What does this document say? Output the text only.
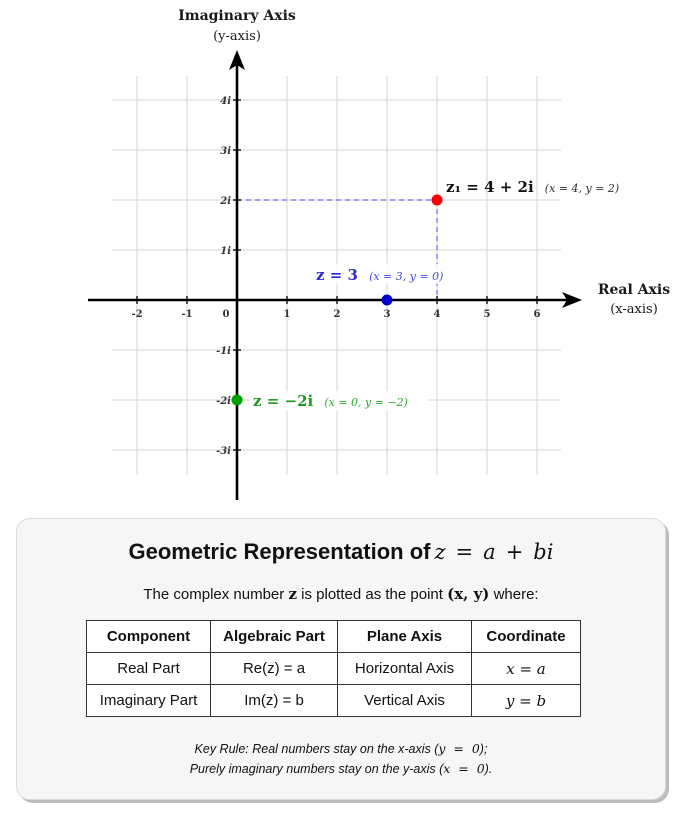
-2	-1	0	1	2	3	4	5	6
4i
3i
2i
1i
-1i
-2i
-3i
Imaginary Axis
(y-axis)
Real Axis
(x-axis)
z₁ = 4 + 2i (x = 4, y = 2)
z = 3 (x = 3, y = 0)
z = −2i (x = 0, y = −2)
Geometric Representation of z = a + bi
The complex number z is plotted as the point (x, y) where:
Component	Algebraic Part	Plane Axis	Coordinate
Real Part	Re(z) = a	Horizontal Axis	x = a
Imaginary Part	Im(z) = b	Vertical Axis	y = b
Key Rule: Real numbers stay on the x-axis (y  =  0);
Purely imaginary numbers stay on the y-axis (x  =  0).
